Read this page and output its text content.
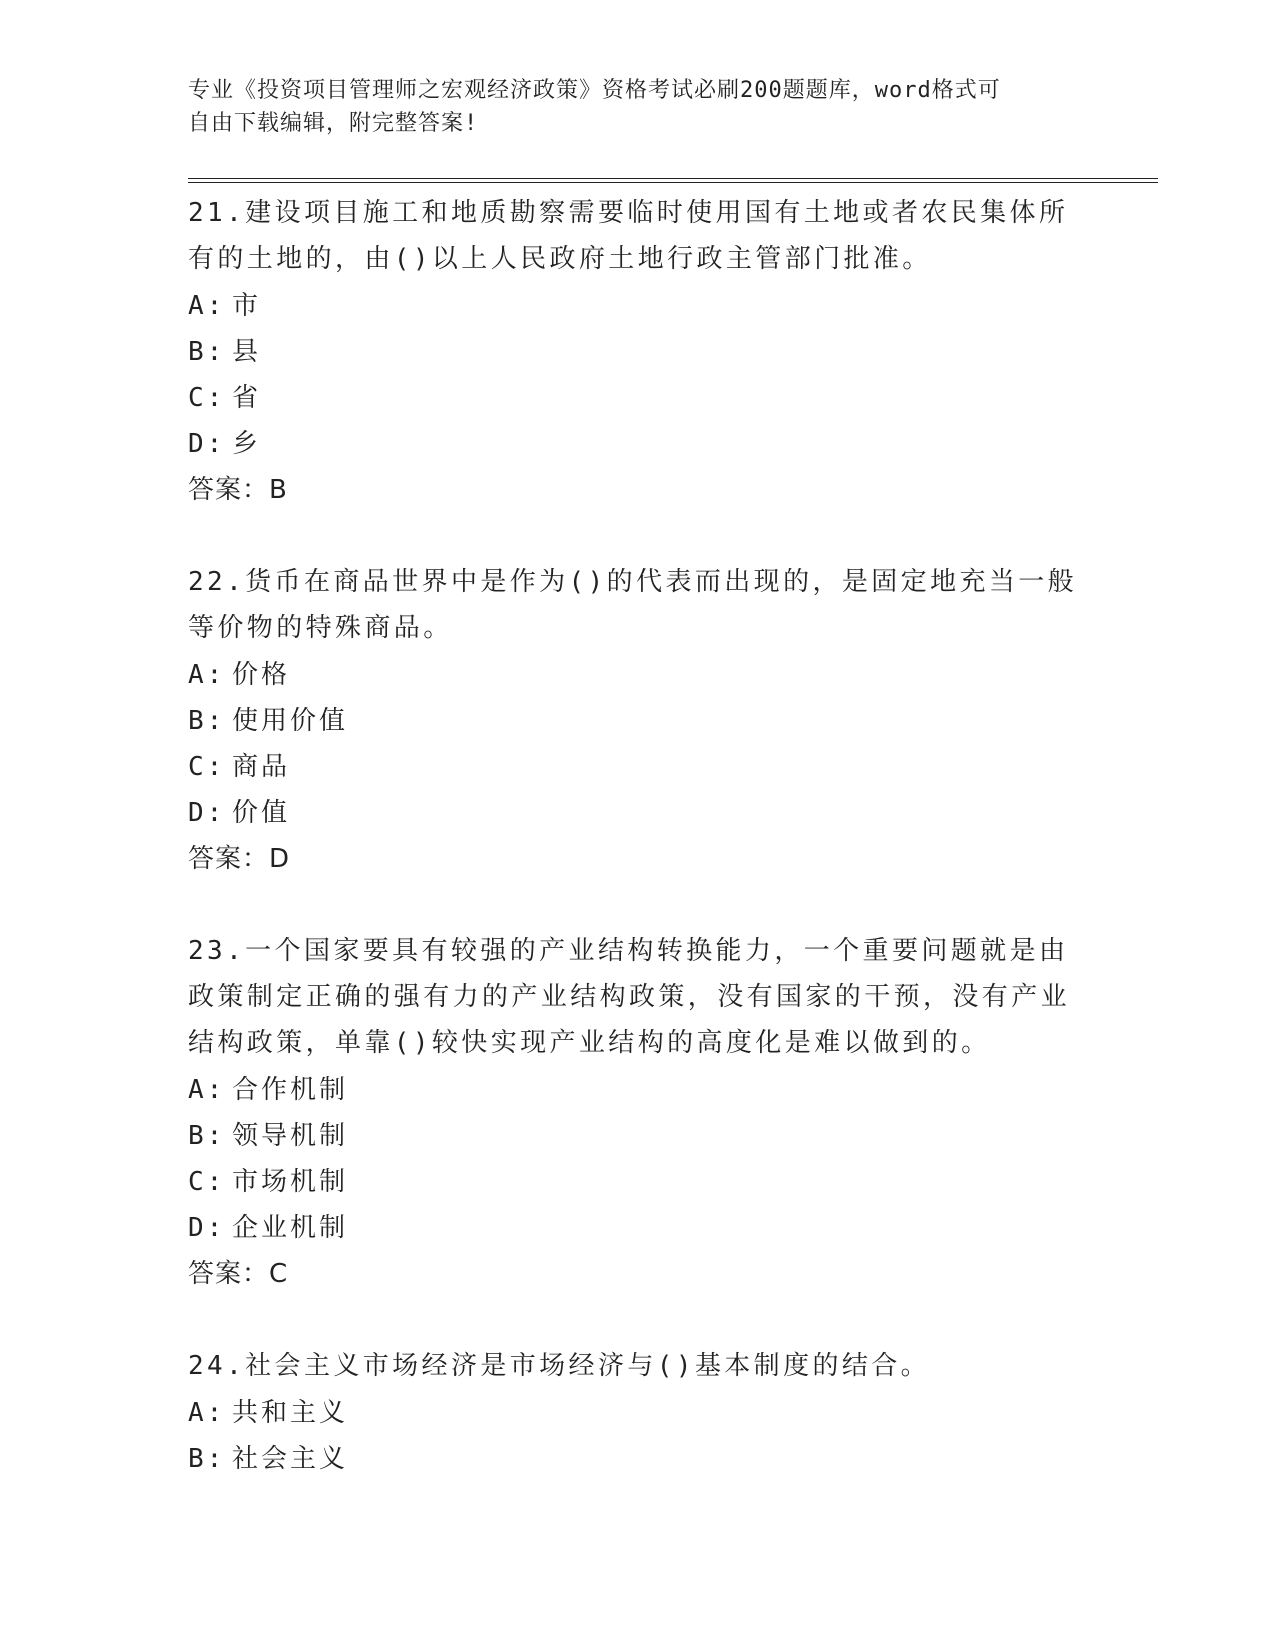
专业《投资项目管理师之宏观经济政策》资格考试必刷200题题库，word格式可
自由下载编辑，附完整答案!

21.建设项目施工和地质勘察需要临时使用国有土地或者农民集体所有的土地的，由()以上人民政府土地行政主管部门批准。

A: 市

B: 县

C: 省

D: 乡

答案：B

22.货币在商品世界中是作为()的代表而出现的，是固定地充当一般等价物的特殊商品。

A: 价格

B: 使用价值

C: 商品

D: 价值

答案：D

23.一个国家要具有较强的产业结构转换能力，一个重要问题就是由政策制定正确的强有力的产业结构政策，没有国家的干预，没有产业结构政策，单靠()较快实现产业结构的高度化是难以做到的。

A: 合作机制

B: 领导机制

C: 市场机制

D: 企业机制

答案：C

24.社会主义市场经济是市场经济与()基本制度的结合。

A: 共和主义

B: 社会主义
